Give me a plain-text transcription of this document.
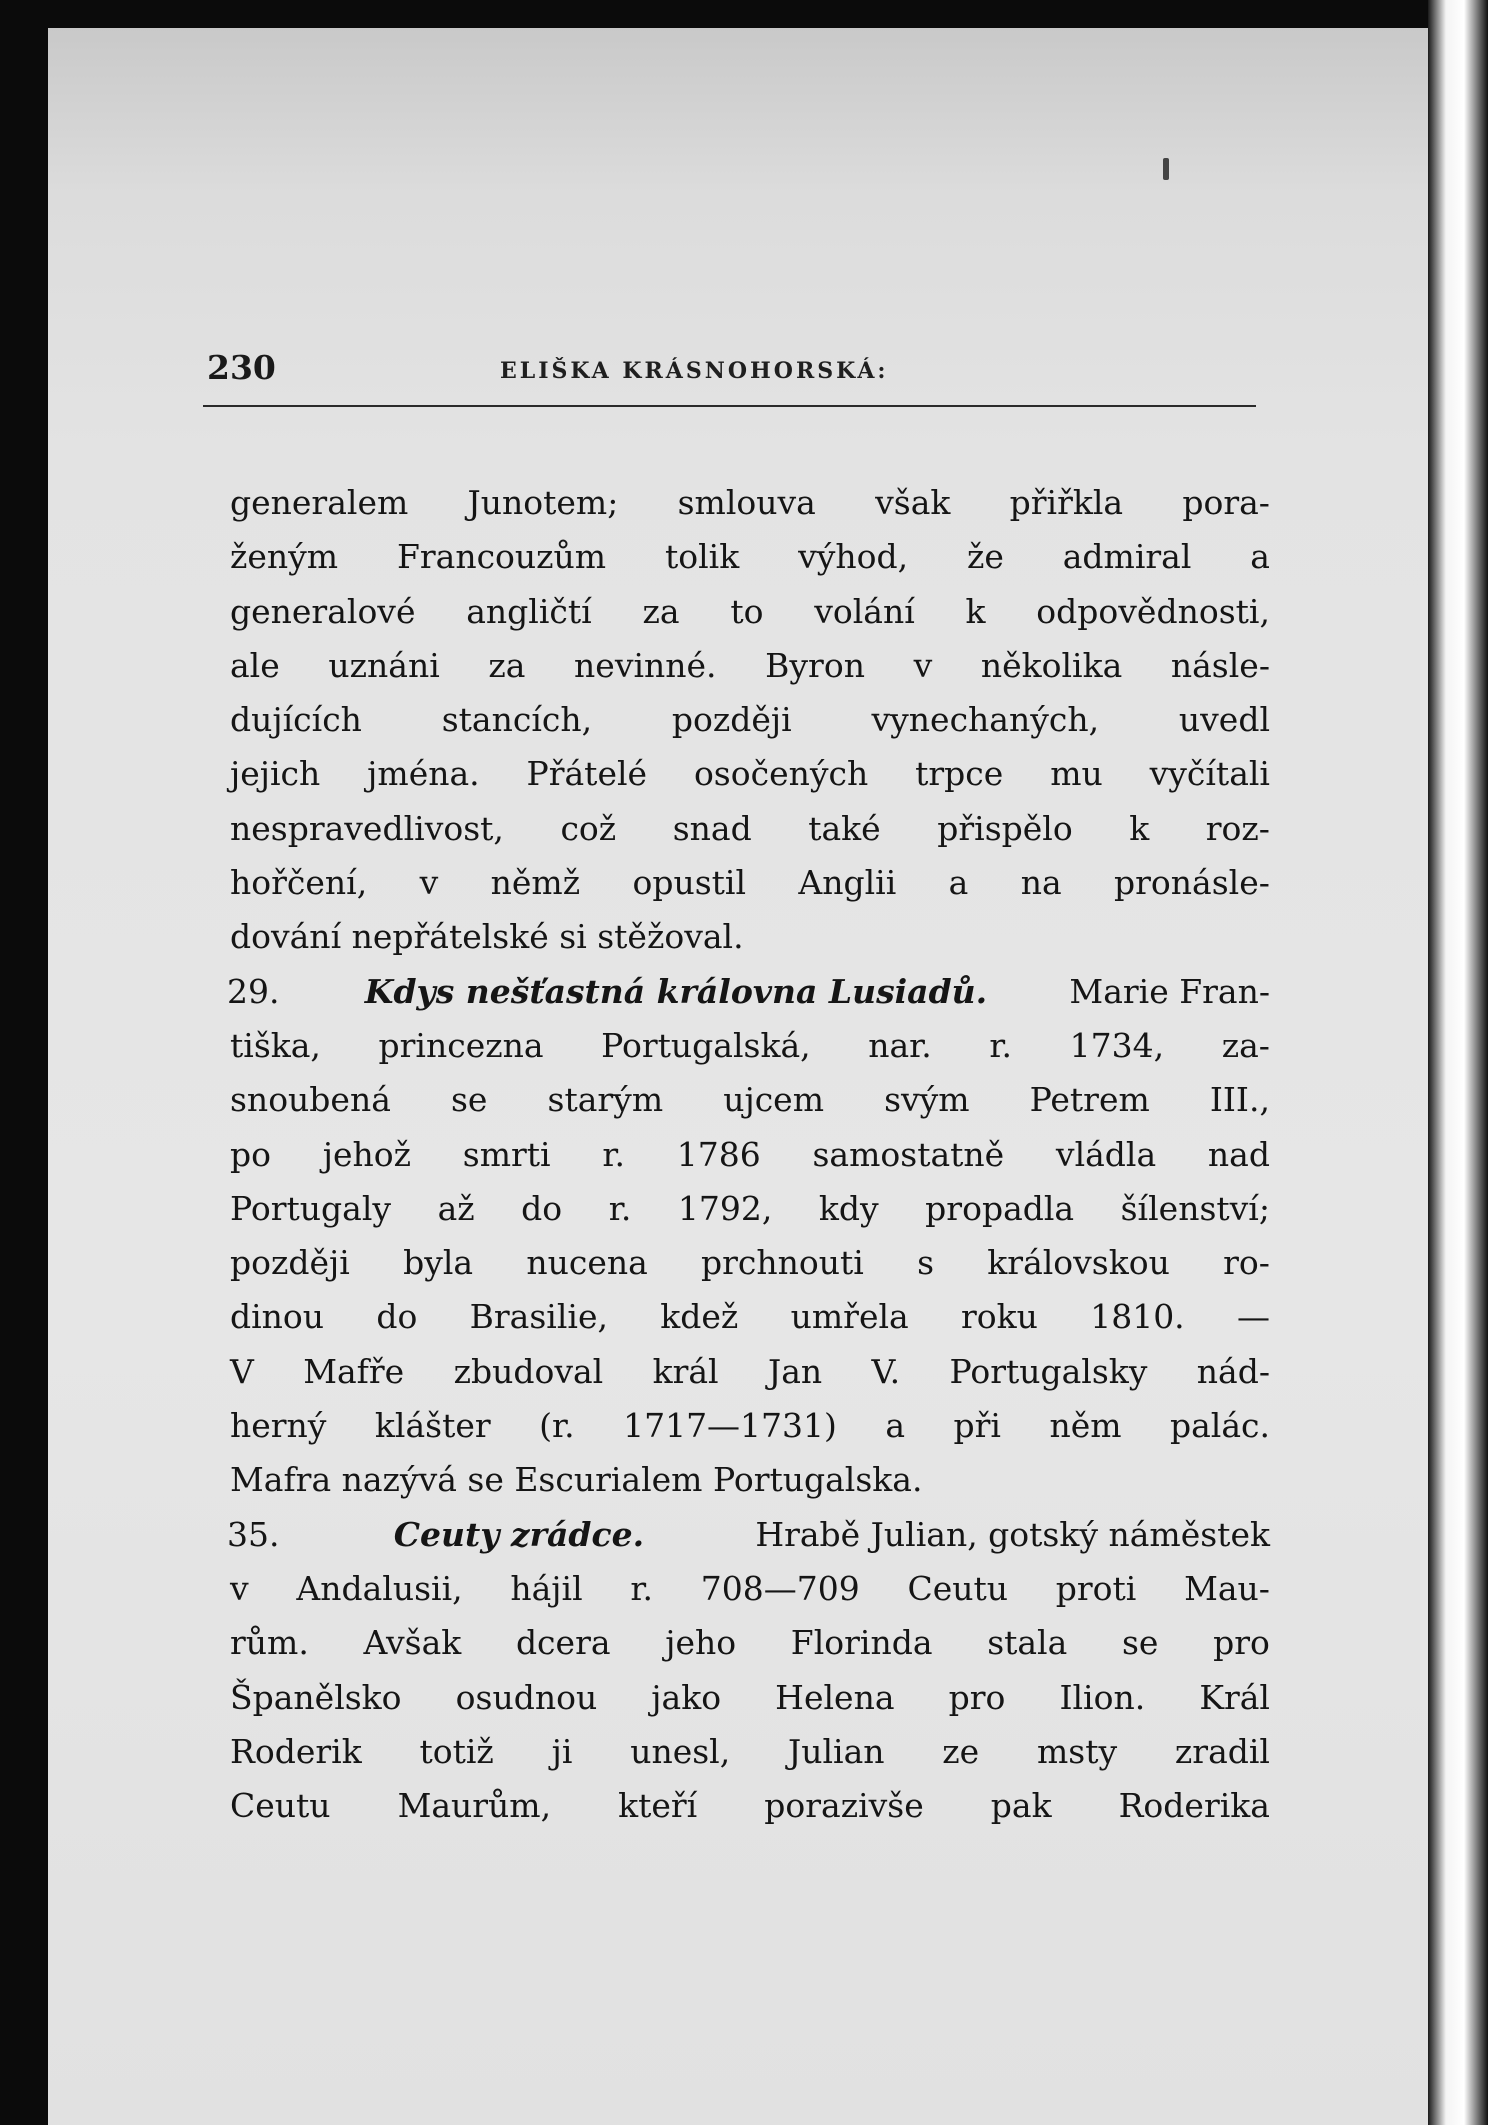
230	ELIŠKA KRÁSNOHORSKÁ:
generalem Junotem; smlouva však přiřkla pora-
ženým Francouzům tolik výhod, že admiral a
generalové angličtí za to volání k odpovědnosti,
ale uznáni za nevinné. Byron v několika násle-
dujících stancích, později vynechaných, uvedl
jejich jména. Přátelé osočených trpce mu vyčítali
nespravedlivost, což snad také přispělo k roz-
hořčení, v němž opustil Anglii a na pronásle-
dování nepřátelské si stěžoval.
29.	Kdys nešťastná královna Lusiadů. Marie Fran-
tiška, princezna Portugalská, nar. r. 1734, za-
snoubená se starým ujcem svým Petrem III.,
po jehož smrti r. 1786 samostatně vládla nad
Portugaly až do r. 1792, kdy propadla šílenství;
později byla nucena prchnouti s královskou ro-
dinou do Brasilie, kdež umřela roku 1810. —
V Mafře zbudoval král Jan V. Portugalsky nád-
herný klášter (r. 1717—1731) a při něm palác.
Mafra nazývá se Escurialem Portugalska.
35.	Ceuty zrádce.	Hrabě Julian, gotský náměstek
v Andalusii, hájil r. 708—709 Ceutu proti Mau-
rům. Avšak dcera jeho Florinda stala se pro
Španělsko osudnou jako Helena pro Ilion. Král
Roderik totiž ji unesl, Julian ze msty zradil
Ceutu Maurům, kteří porazivše pak Roderika
